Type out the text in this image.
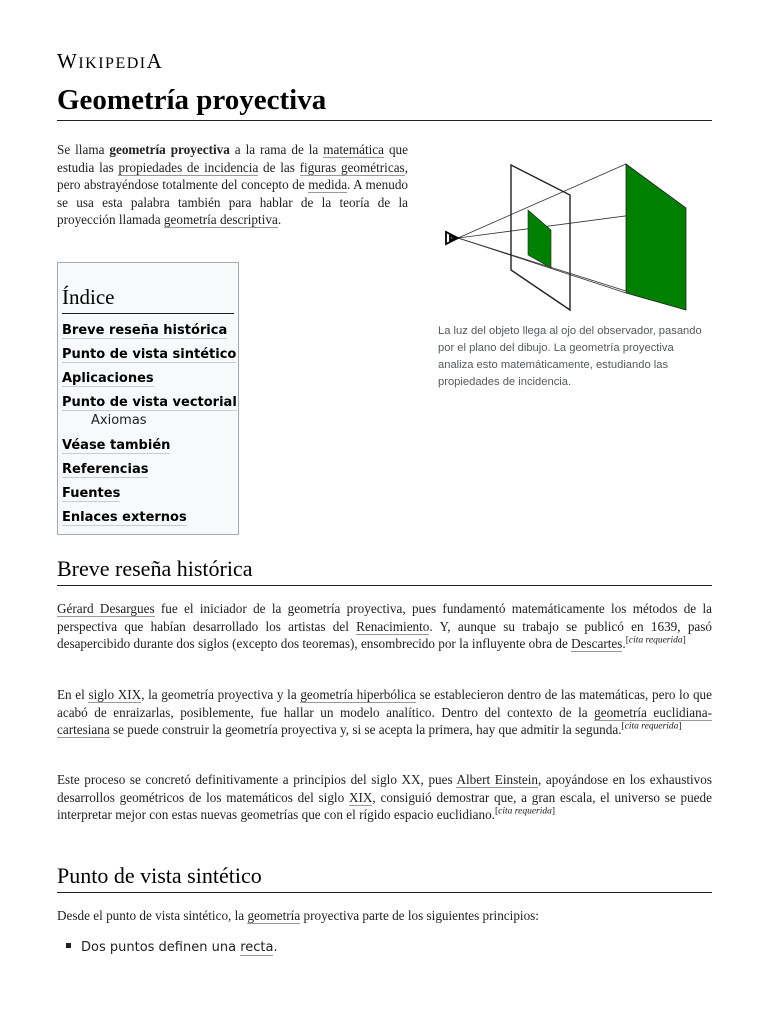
WIKIPEDIA
Geometría proyectiva

Se llama geometría proyectiva a la rama de la matemática que estudia las propiedades de incidencia de las figuras geométricas, pero abstrayéndose totalmente del concepto de medida. A menudo se usa esta palabra también para hablar de la teoría de la proyección llamada geometría descriptiva.

Índice
Breve reseña histórica
Punto de vista sintético
Aplicaciones
Punto de vista vectorial
Axiomas
Véase también
Referencias
Fuentes
Enlaces externos
La luz del objeto llega al ojo del observador, pasando por el plano del dibujo. La geometría proyectiva analiza esto matemáticamente, estudiando las propiedades de incidencia.
Breve reseña histórica

Gérard Desargues fue el iniciador de la geometría proyectiva, pues fundamentó matemáticamente los métodos de la perspectiva que habían desarrollado los artistas del Renacimiento. Y, aunque su trabajo se publicó en 1639, pasó desapercibido durante dos siglos (excepto dos teoremas), ensombrecido por la influyente obra de Descartes.[cita requerida]

En el siglo XIX, la geometría proyectiva y la geometría hiperbólica se establecieron dentro de las matemáticas, pero lo que acabó de enraizarlas, posiblemente, fue hallar un modelo analítico. Dentro del contexto de la geometría euclidiana-cartesiana se puede construir la geometría proyectiva y, si se acepta la primera, hay que admitir la segunda.[cita requerida]

Este proceso se concretó definitivamente a principios del siglo XX, pues Albert Einstein, apoyándose en los exhaustivos desarrollos geométricos de los matemáticos del siglo XIX, consiguió demostrar que, a gran escala, el universo se puede interpretar mejor con estas nuevas geometrías que con el rígido espacio euclidiano.[cita requerida]

Punto de vista sintético

Desde el punto de vista sintético, la geometría proyectiva parte de los siguientes principios:

Dos puntos definen una recta.
